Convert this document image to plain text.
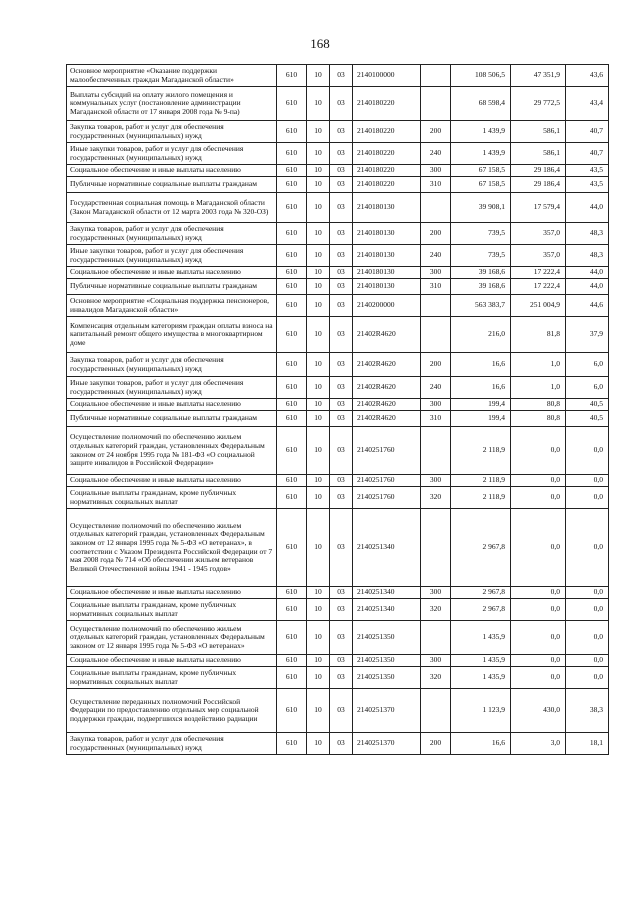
168
Основное мероприятие «Оказание поддержки малообеспеченных граждан Магаданской области»	610	10	03	2140100000		108 506,5	47 351,9	43,6
Выплаты субсидий на оплату жилого помещения и коммунальных услуг (постановление администрации Магаданской области от 17 января 2008 года № 9-па)	610	10	03	2140180220		68 598,4	29 772,5	43,4
Закупка товаров, работ и услуг для обеспечения государственных (муниципальных) нужд	610	10	03	2140180220	200	1 439,9	586,1	40,7
Иные закупки товаров, работ и услуг для обеспечения государственных (муниципальных) нужд	610	10	03	2140180220	240	1 439,9	586,1	40,7
Социальное обеспечение и иные выплаты населению	610	10	03	2140180220	300	67 158,5	29 186,4	43,5
Публичные нормативные социальные выплаты гражданам	610	10	03	2140180220	310	67 158,5	29 186,4	43,5
Государственная социальная помощь в Магаданской области (Закон Магаданской области от 12 марта 2003 года № 320-ОЗ)	610	10	03	2140180130		39 908,1	17 579,4	44,0
Закупка товаров, работ и услуг для обеспечения государственных (муниципальных) нужд	610	10	03	2140180130	200	739,5	357,0	48,3
Иные закупки товаров, работ и услуг для обеспечения государственных (муниципальных) нужд	610	10	03	2140180130	240	739,5	357,0	48,3
Социальное обеспечение и иные выплаты населению	610	10	03	2140180130	300	39 168,6	17 222,4	44,0
Публичные нормативные социальные выплаты гражданам	610	10	03	2140180130	310	39 168,6	17 222,4	44,0
Основное мероприятие «Социальная поддержка пенсионеров, инвалидов Магаданской области»	610	10	03	2140200000		563 383,7	251 004,9	44,6
Компенсация отдельным категориям граждан оплаты взноса на капитальный ремонт общего имущества в многоквартирном доме	610	10	03	21402R4620		216,0	81,8	37,9
Закупка товаров, работ и услуг для обеспечения государственных (муниципальных) нужд	610	10	03	21402R4620	200	16,6	1,0	6,0
Иные закупки товаров, работ и услуг для обеспечения государственных (муниципальных) нужд	610	10	03	21402R4620	240	16,6	1,0	6,0
Социальное обеспечение и иные выплаты населению	610	10	03	21402R4620	300	199,4	80,8	40,5
Публичные нормативные социальные выплаты гражданам	610	10	03	21402R4620	310	199,4	80,8	40,5
Осуществление полномочий по обеспечению жильем отдельных категорий граждан, установленных Федеральным законом от 24 ноября 1995 года № 181-ФЗ «О социальной защите инвалидов в Российской Федерации»	610	10	03	2140251760		2 118,9	0,0	0,0
Социальное обеспечение и иные выплаты населению	610	10	03	2140251760	300	2 118,9	0,0	0,0
Социальные выплаты гражданам, кроме публичных нормативных социальных выплат	610	10	03	2140251760	320	2 118,9	0,0	0,0
Осуществление полномочий по обеспечению жильем отдельных категорий граждан, установленных Федеральным законом от 12 января 1995 года № 5-ФЗ «О ветеранах», в соответствии с Указом Президента Российской Федерации от 7 мая 2008 года № 714 «Об обеспечении жильем ветеранов Великой Отечественной войны 1941 - 1945 годов»	610	10	03	2140251340		2 967,8	0,0	0,0
Социальное обеспечение и иные выплаты населению	610	10	03	2140251340	300	2 967,8	0,0	0,0
Социальные выплаты гражданам, кроме публичных нормативных социальных выплат	610	10	03	2140251340	320	2 967,8	0,0	0,0
Осуществление полномочий по обеспечению жильем отдельных категорий граждан, установленных Федеральным законом от 12 января 1995 года № 5-ФЗ «О ветеранах»	610	10	03	2140251350		1 435,9	0,0	0,0
Социальное обеспечение и иные выплаты населению	610	10	03	2140251350	300	1 435,9	0,0	0,0
Социальные выплаты гражданам, кроме публичных нормативных социальных выплат	610	10	03	2140251350	320	1 435,9	0,0	0,0
Осуществление переданных полномочий Российской Федерации по предоставлению отдельных мер социальной поддержки граждан, подвергшихся воздействию радиации	610	10	03	2140251370		1 123,9	430,0	38,3
Закупка товаров, работ и услуг для обеспечения государственных (муниципальных) нужд	610	10	03	2140251370	200	16,6	3,0	18,1
